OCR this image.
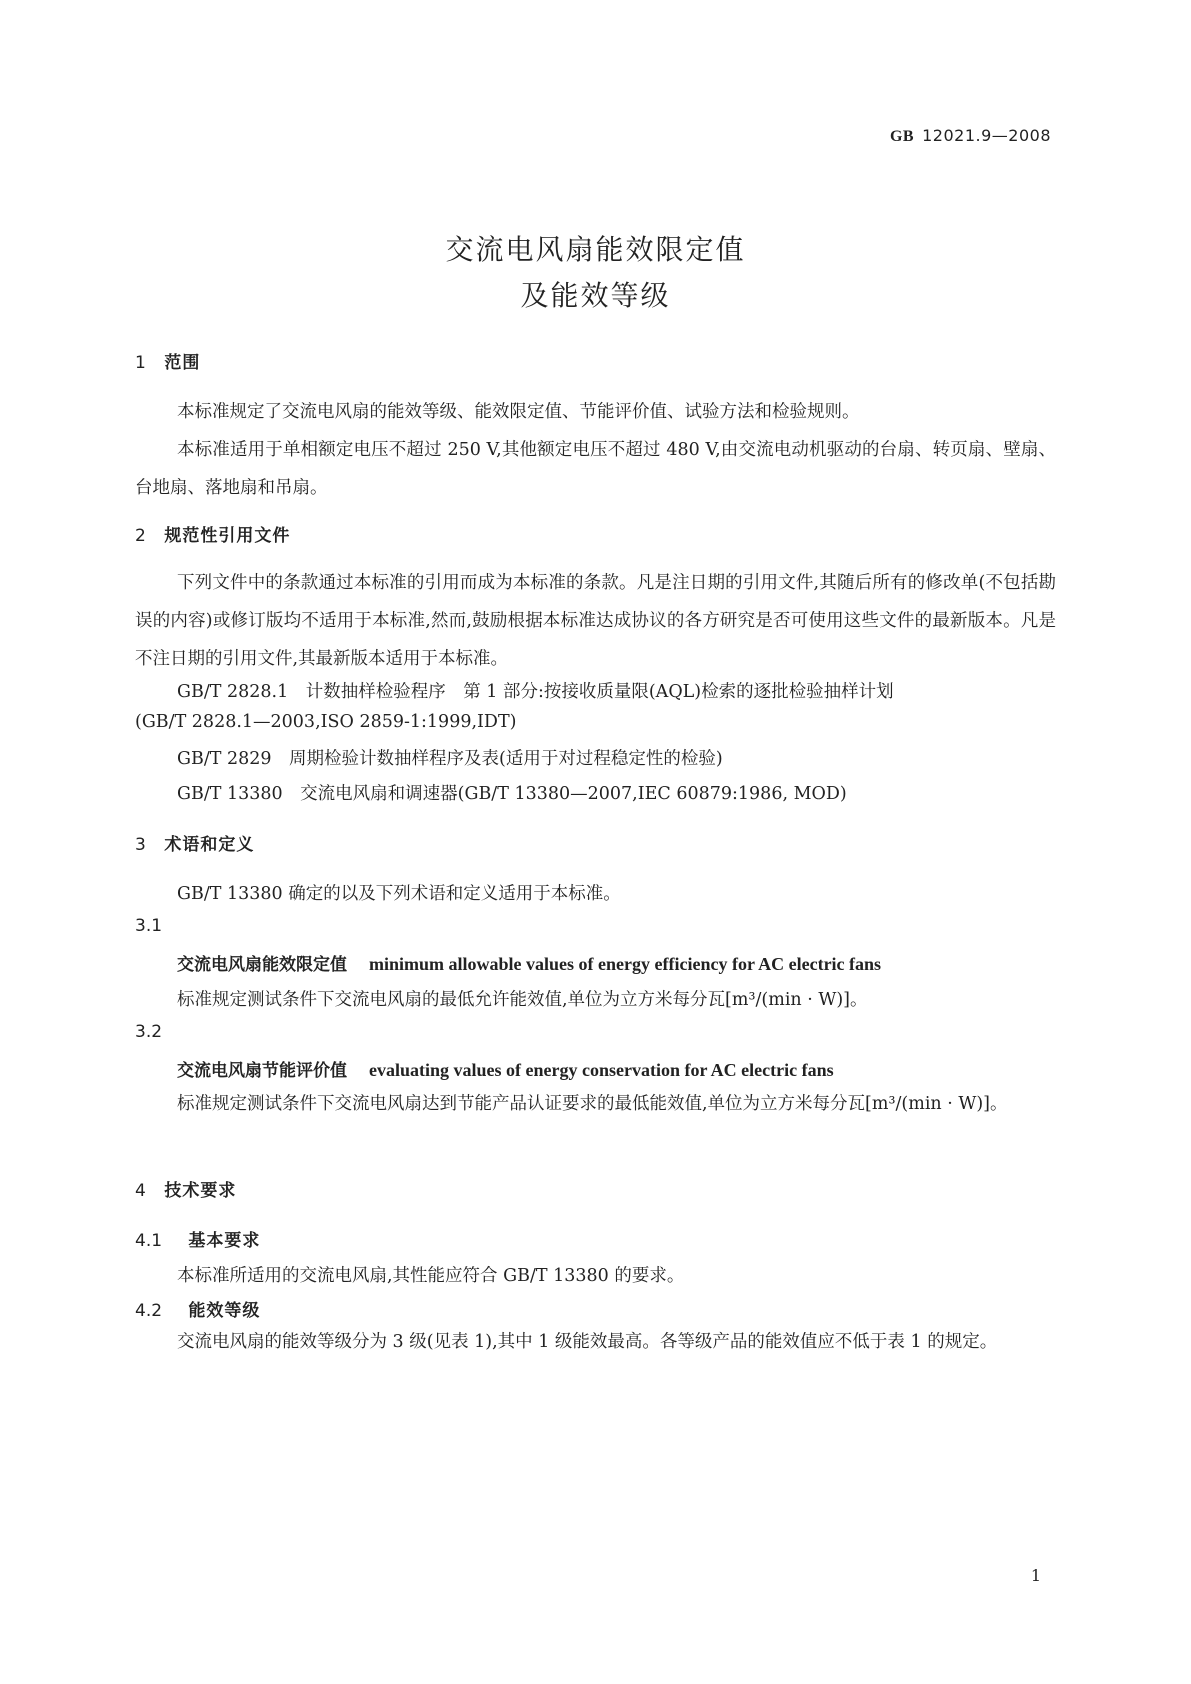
GB 12021.9—2008
交流电风扇能效限定值
及能效等级
1 范围

本标准规定了交流电风扇的能效等级、能效限定值、节能评价值、试验方法和检验规则。

本标准适用于单相额定电压不超过 250 V,其他额定电压不超过 480 V,由交流电动机驱动的台扇、转页扇、壁扇、台地扇、落地扇和吊扇。

2 规范性引用文件

下列文件中的条款通过本标准的引用而成为本标准的条款。凡是注日期的引用文件,其随后所有的修改单(不包括勘误的内容)或修订版均不适用于本标准,然而,鼓励根据本标准达成协议的各方研究是否可使用这些文件的最新版本。凡是不注日期的引用文件,其最新版本适用于本标准。

GB/T 2828.1　计数抽样检验程序　第 1 部分:按接收质量限(AQL)检索的逐批检验抽样计划
(GB/T 2828.1—2003,ISO 2859-1:1999,IDT)
GB/T 2829　周期检验计数抽样程序及表(适用于对过程稳定性的检验)
GB/T 13380　交流电风扇和调速器(GB/T 13380—2007,IEC 60879:1986, MOD)
3 术语和定义
GB/T 13380 确定的以及下列术语和定义适用于本标准。
3.1
交流电风扇能效限定值 minimum allowable values of energy efficiency for AC electric fans
标准规定测试条件下交流电风扇的最低允许能效值,单位为立方米每分瓦[m³/(min · W)]。
3.2
交流电风扇节能评价值 evaluating values of energy conservation for AC electric fans

标准规定测试条件下交流电风扇达到节能产品认证要求的最低能效值,单位为立方米每分瓦[m³/(min · W)]。

4 技术要求
4.1 基本要求
本标准所适用的交流电风扇,其性能应符合 GB/T 13380 的要求。
4.2 能效等级

交流电风扇的能效等级分为 3 级(见表 1),其中 1 级能效最高。各等级产品的能效值应不低于表 1 的规定。

1
